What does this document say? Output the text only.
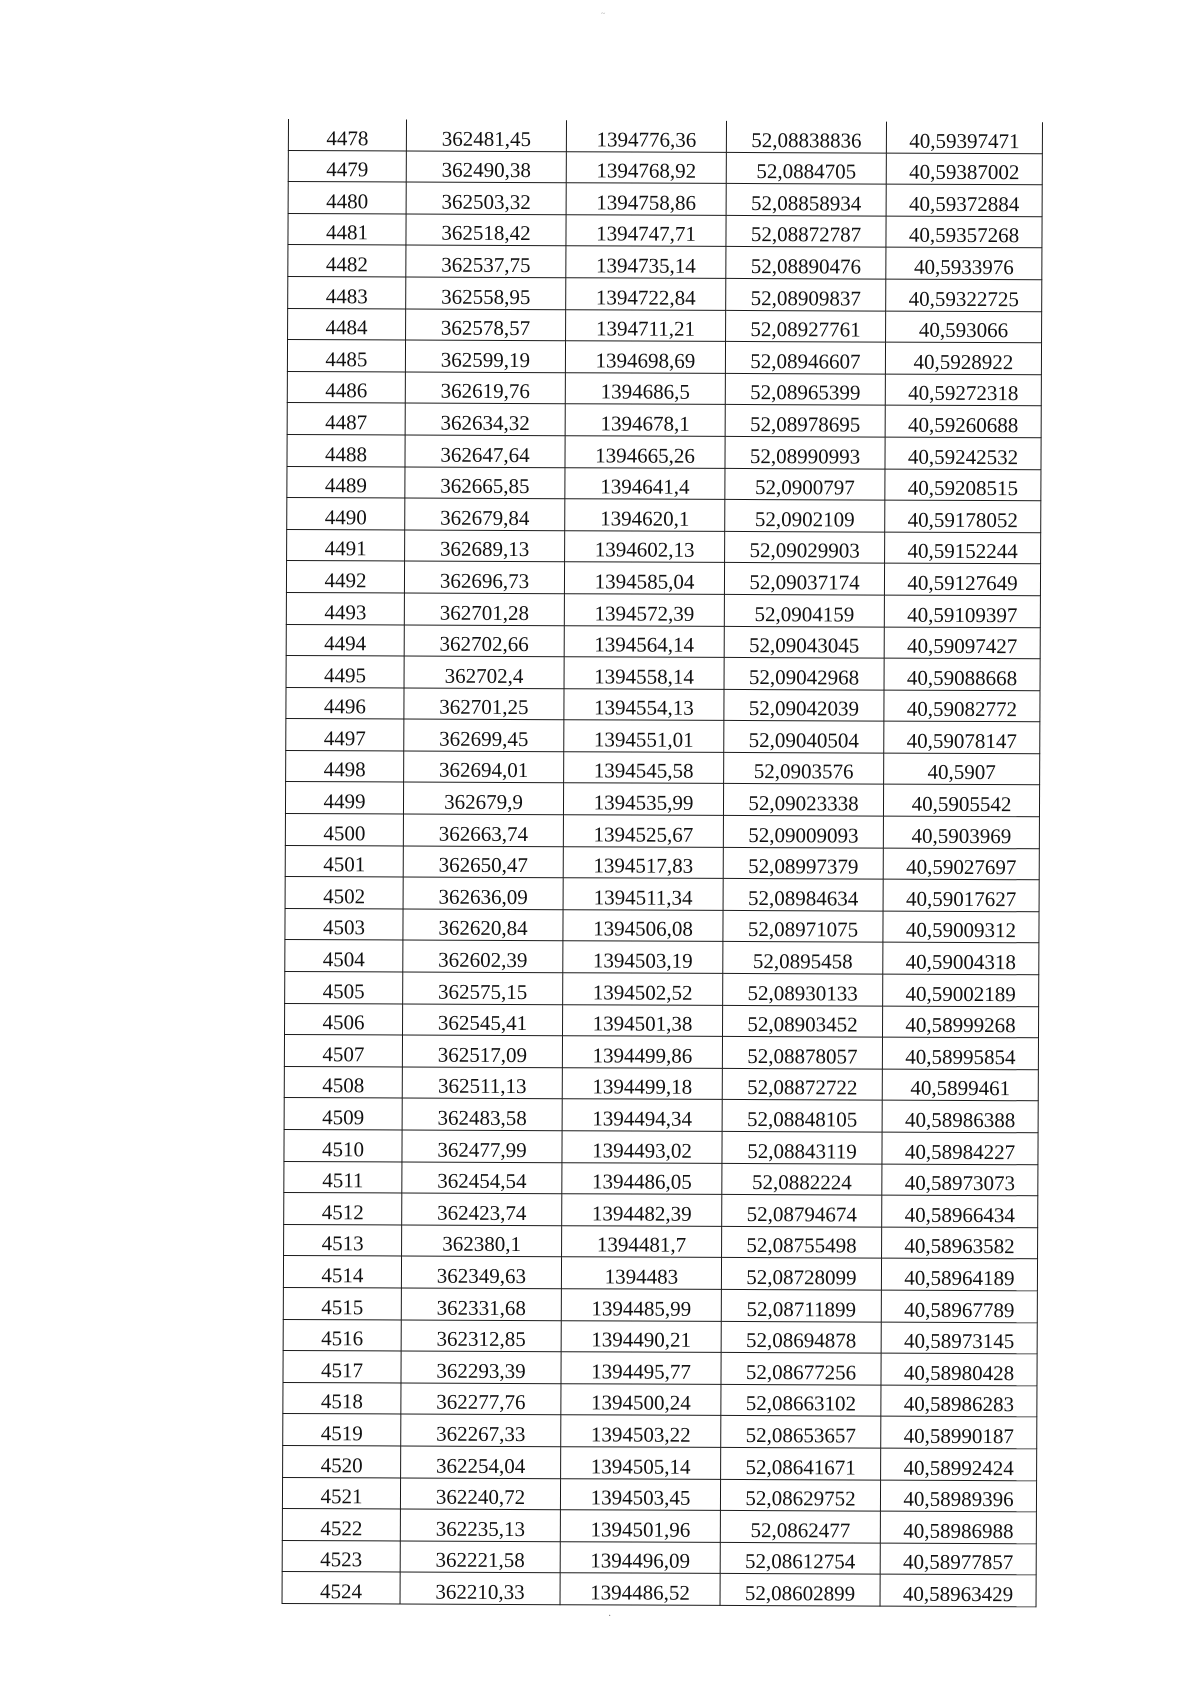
~
4478	362481,45	1394776,36	52,08838836	40,59397471
4479	362490,38	1394768,92	52,0884705	40,59387002
4480	362503,32	1394758,86	52,08858934	40,59372884
4481	362518,42	1394747,71	52,08872787	40,59357268
4482	362537,75	1394735,14	52,08890476	40,5933976
4483	362558,95	1394722,84	52,08909837	40,59322725
4484	362578,57	1394711,21	52,08927761	40,593066
4485	362599,19	1394698,69	52,08946607	40,5928922
4486	362619,76	1394686,5	52,08965399	40,59272318
4487	362634,32	1394678,1	52,08978695	40,59260688
4488	362647,64	1394665,26	52,08990993	40,59242532
4489	362665,85	1394641,4	52,0900797	40,59208515
4490	362679,84	1394620,1	52,0902109	40,59178052
4491	362689,13	1394602,13	52,09029903	40,59152244
4492	362696,73	1394585,04	52,09037174	40,59127649
4493	362701,28	1394572,39	52,0904159	40,59109397
4494	362702,66	1394564,14	52,09043045	40,59097427
4495	362702,4	1394558,14	52,09042968	40,59088668
4496	362701,25	1394554,13	52,09042039	40,59082772
4497	362699,45	1394551,01	52,09040504	40,59078147
4498	362694,01	1394545,58	52,0903576	40,5907
4499	362679,9	1394535,99	52,09023338	40,5905542
4500	362663,74	1394525,67	52,09009093	40,5903969
4501	362650,47	1394517,83	52,08997379	40,59027697
4502	362636,09	1394511,34	52,08984634	40,59017627
4503	362620,84	1394506,08	52,08971075	40,59009312
4504	362602,39	1394503,19	52,0895458	40,59004318
4505	362575,15	1394502,52	52,08930133	40,59002189
4506	362545,41	1394501,38	52,08903452	40,58999268
4507	362517,09	1394499,86	52,08878057	40,58995854
4508	362511,13	1394499,18	52,08872722	40,5899461
4509	362483,58	1394494,34	52,08848105	40,58986388
4510	362477,99	1394493,02	52,08843119	40,58984227
4511	362454,54	1394486,05	52,0882224	40,58973073
4512	362423,74	1394482,39	52,08794674	40,58966434
4513	362380,1	1394481,7	52,08755498	40,58963582
4514	362349,63	1394483	52,08728099	40,58964189
4515	362331,68	1394485,99	52,08711899	40,58967789
4516	362312,85	1394490,21	52,08694878	40,58973145
4517	362293,39	1394495,77	52,08677256	40,58980428
4518	362277,76	1394500,24	52,08663102	40,58986283
4519	362267,33	1394503,22	52,08653657	40,58990187
4520	362254,04	1394505,14	52,08641671	40,58992424
4521	362240,72	1394503,45	52,08629752	40,58989396
4522	362235,13	1394501,96	52,0862477	40,58986988
4523	362221,58	1394496,09	52,08612754	40,58977857
4524	362210,33	1394486,52	52,08602899	40,58963429
·
